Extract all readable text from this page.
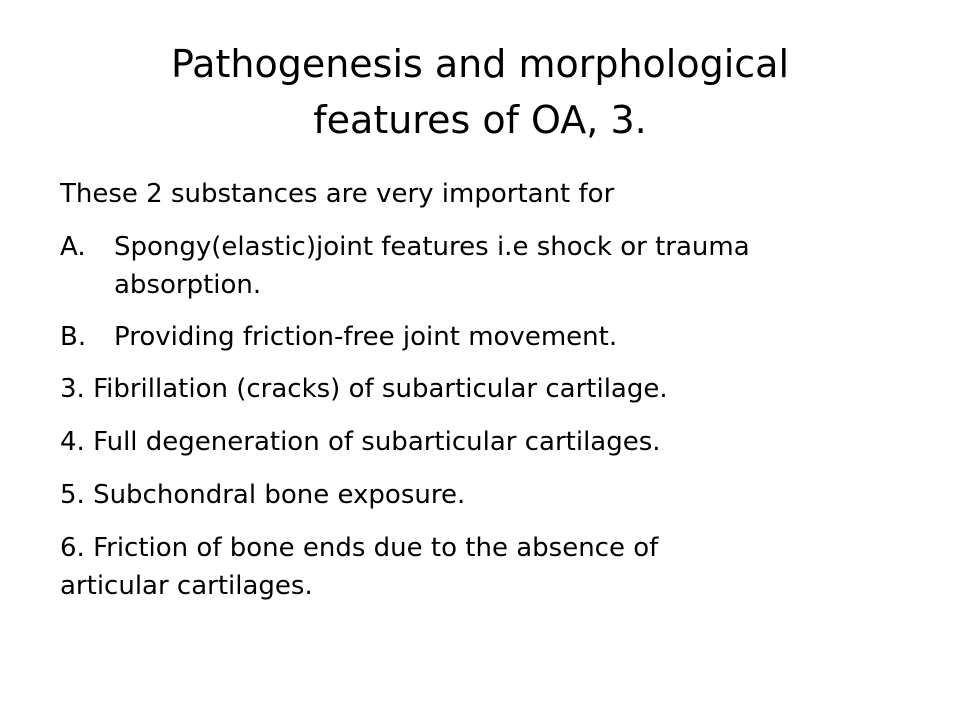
Pathogenesis and morphological
features of OA, 3.

These 2 substances are very important for

A.	Spongy(elastic)joint features i.e shock or trauma
absorption.
B.	Providing friction-free joint movement.

3. Fibrillation (cracks) of subarticular cartilage.

4. Full degeneration of subarticular cartilages.

5. Subchondral bone exposure.

6. Friction of bone ends due to the absence of
articular cartilages.
